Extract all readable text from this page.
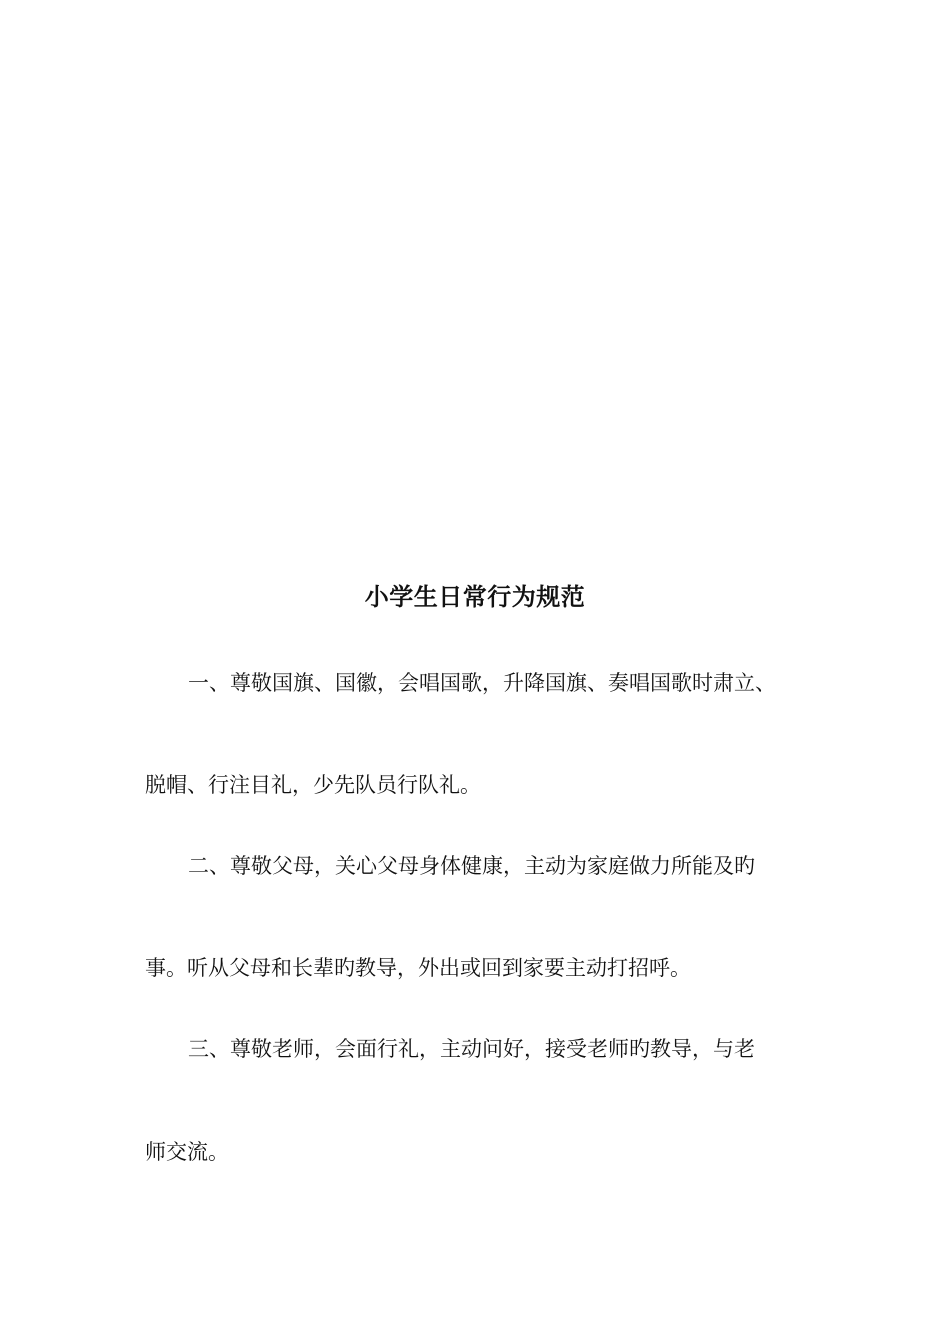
小学生日常行为规范

一、尊敬国旗、国徽，会唱国歌，升降国旗、奏唱国歌时肃立、

脱帽、行注目礼，少先队员行队礼。

二、尊敬父母，关心父母身体健康，主动为家庭做力所能及旳

事。听从父母和长辈旳教导，外出或回到家要主动打招呼。

三、尊敬老师，会面行礼，主动问好，接受老师旳教导，与老

师交流。
